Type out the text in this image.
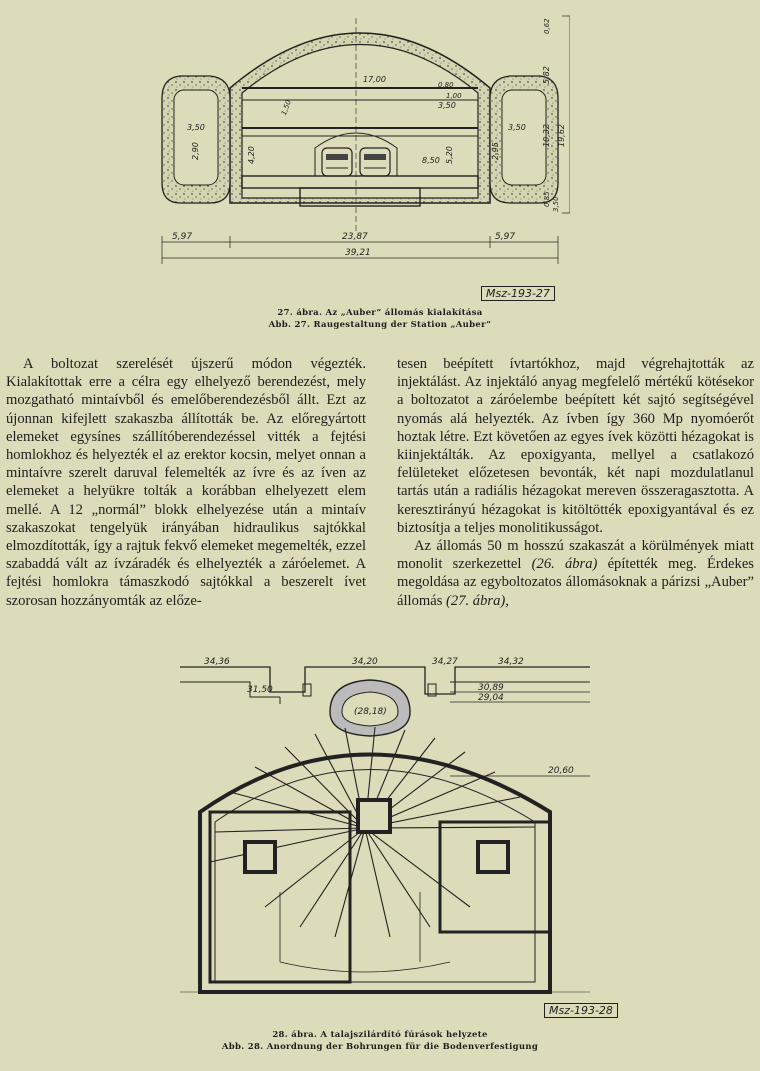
5,97	23,87	5,97
39,21
3,50
2,90
3,50
2,95
17,00
8,50
3,50
5,20
4,20
1,50
1,00
0,80
0,62
5,82
10,32 19,62
0,85 3,50
Msz-193-27
27. ábra. Az „Auber” állomás kialakítása
Abb. 27. Raugestaltung der Station „Auber”

A boltozat szerelését újszerű módon végezték. Kialakítottak erre a célra egy elhelyező berendezést, mely mozgatható mintaívből és emelőberendezésből állt. Ezt az újonnan kifejlett szakaszba állították be. Az előregyártott elemeket egysínes szállítóberendezéssel vitték a fejtési homlokhoz és helyezték el az erektor kocsin, melyet onnan a mintaívre szerelt daruval felemelték az ívre és az íven az elemeket a helyükre tolták a korábban elhelyezett elem mellé. A 12 „normál” blokk elhelyezése után a mintaív szakaszokat tengelyük irányában hidraulikus sajtókkal elmozdították, így a rajtuk fekvő elemeket megemelték, ezzel szabaddá vált az ívzáradék és elhelyezték a záróelemet. A fejtési homlokra támaszkodó sajtókkal a beszerelt ívet szorosan hozzányomták az előze-

tesen beépített ívtartókhoz, majd végrehajtották az injektálást. Az injektáló anyag megfelelő mértékű kötésekor a boltozatot a záróelembe beépített két sajtó segítségével nyomás alá helyezték. Az ívben így 360 Mp nyomóerőt hoztak létre. Ezt követően az egyes ívek közötti hézagokat is kiinjektálták. Az epoxigyanta, mellyel a csatlakozó felületeket előzetesen bevonták, két napi mozdulatlanul tartás után a radiális hézagokat mereven összeragasztotta. A keresztirányú hézagokat is kitöltötték epoxigyantával és ez biztosítja a teljes monolitikusságot.

Az állomás 50 m hosszú szakaszát a körülmények miatt monolit szerkezettel (26. ábra) építették meg. Érdekes megoldása az egyboltozatos állomásoknak a párizsi „Auber” állomás (27. ábra),

34,36	34,20	34,27	34,32
31,50	30,89
29,04
(28,18)
20,60
Msz-193-28
28. ábra. A talajszilárdító fúrások helyzete
Abb. 28. Anordnung der Bohrungen für die Bodenverfestigung
